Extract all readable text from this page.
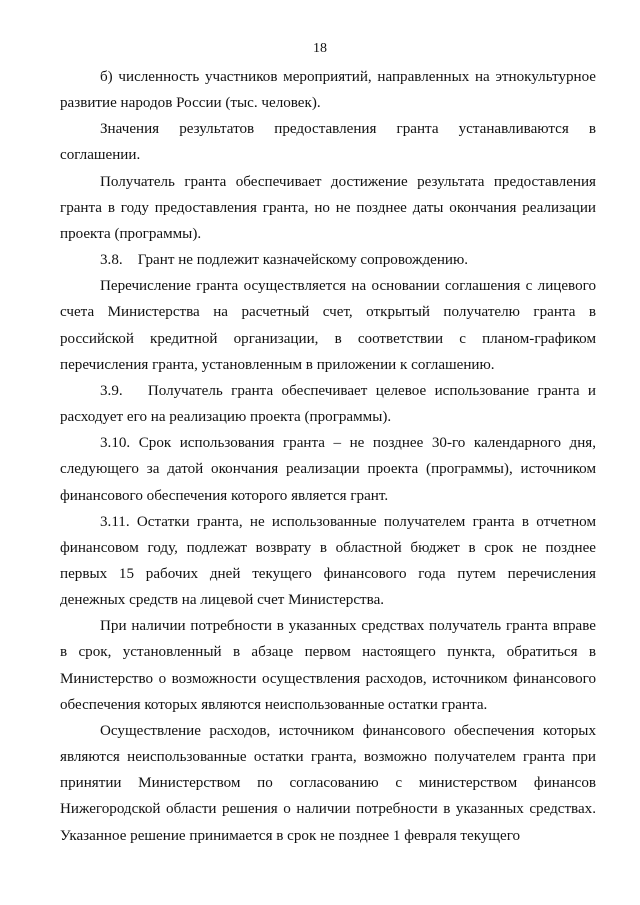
18

б) численность участников мероприятий, направленных на этнокультурное развитие народов России (тыс. человек).

Значения результатов предоставления гранта устанавливаются в соглашении.

Получатель гранта обеспечивает достижение результата предоставления гранта в году предоставления гранта, но не позднее даты окончания реализации проекта (программы).

3.8.    Грант не подлежит казначейскому сопровождению.

Перечисление гранта осуществляется на основании соглашения с лицевого счета Министерства на расчетный счет, открытый получателю гранта в российской кредитной организации, в соответствии с планом-графиком перечисления гранта, установленным в приложении к соглашению.

3.9.   Получатель гранта обеспечивает целевое использование гранта и расходует его на реализацию проекта (программы).

3.10. Срок использования гранта – не позднее 30-го календарного дня, следующего за датой окончания реализации проекта (программы), источником финансового обеспечения которого является грант.

3.11. Остатки гранта, не использованные получателем гранта в отчетном финансовом году, подлежат возврату в областной бюджет в срок не позднее первых 15 рабочих дней текущего финансового года путем перечисления денежных средств на лицевой счет Министерства.

При наличии потребности в указанных средствах получатель гранта вправе в срок, установленный в абзаце первом настоящего пункта, обратиться в Министерство о возможности осуществления расходов, источником финансового обеспечения которых являются неиспользованные остатки гранта.

Осуществление расходов, источником финансового обеспечения которых являются неиспользованные остатки гранта, возможно получателем гранта при принятии Министерством по согласованию с министерством финансов Нижегородской области решения о наличии потребности в указанных средствах. Указанное решение принимается в срок не позднее 1 февраля текущего
